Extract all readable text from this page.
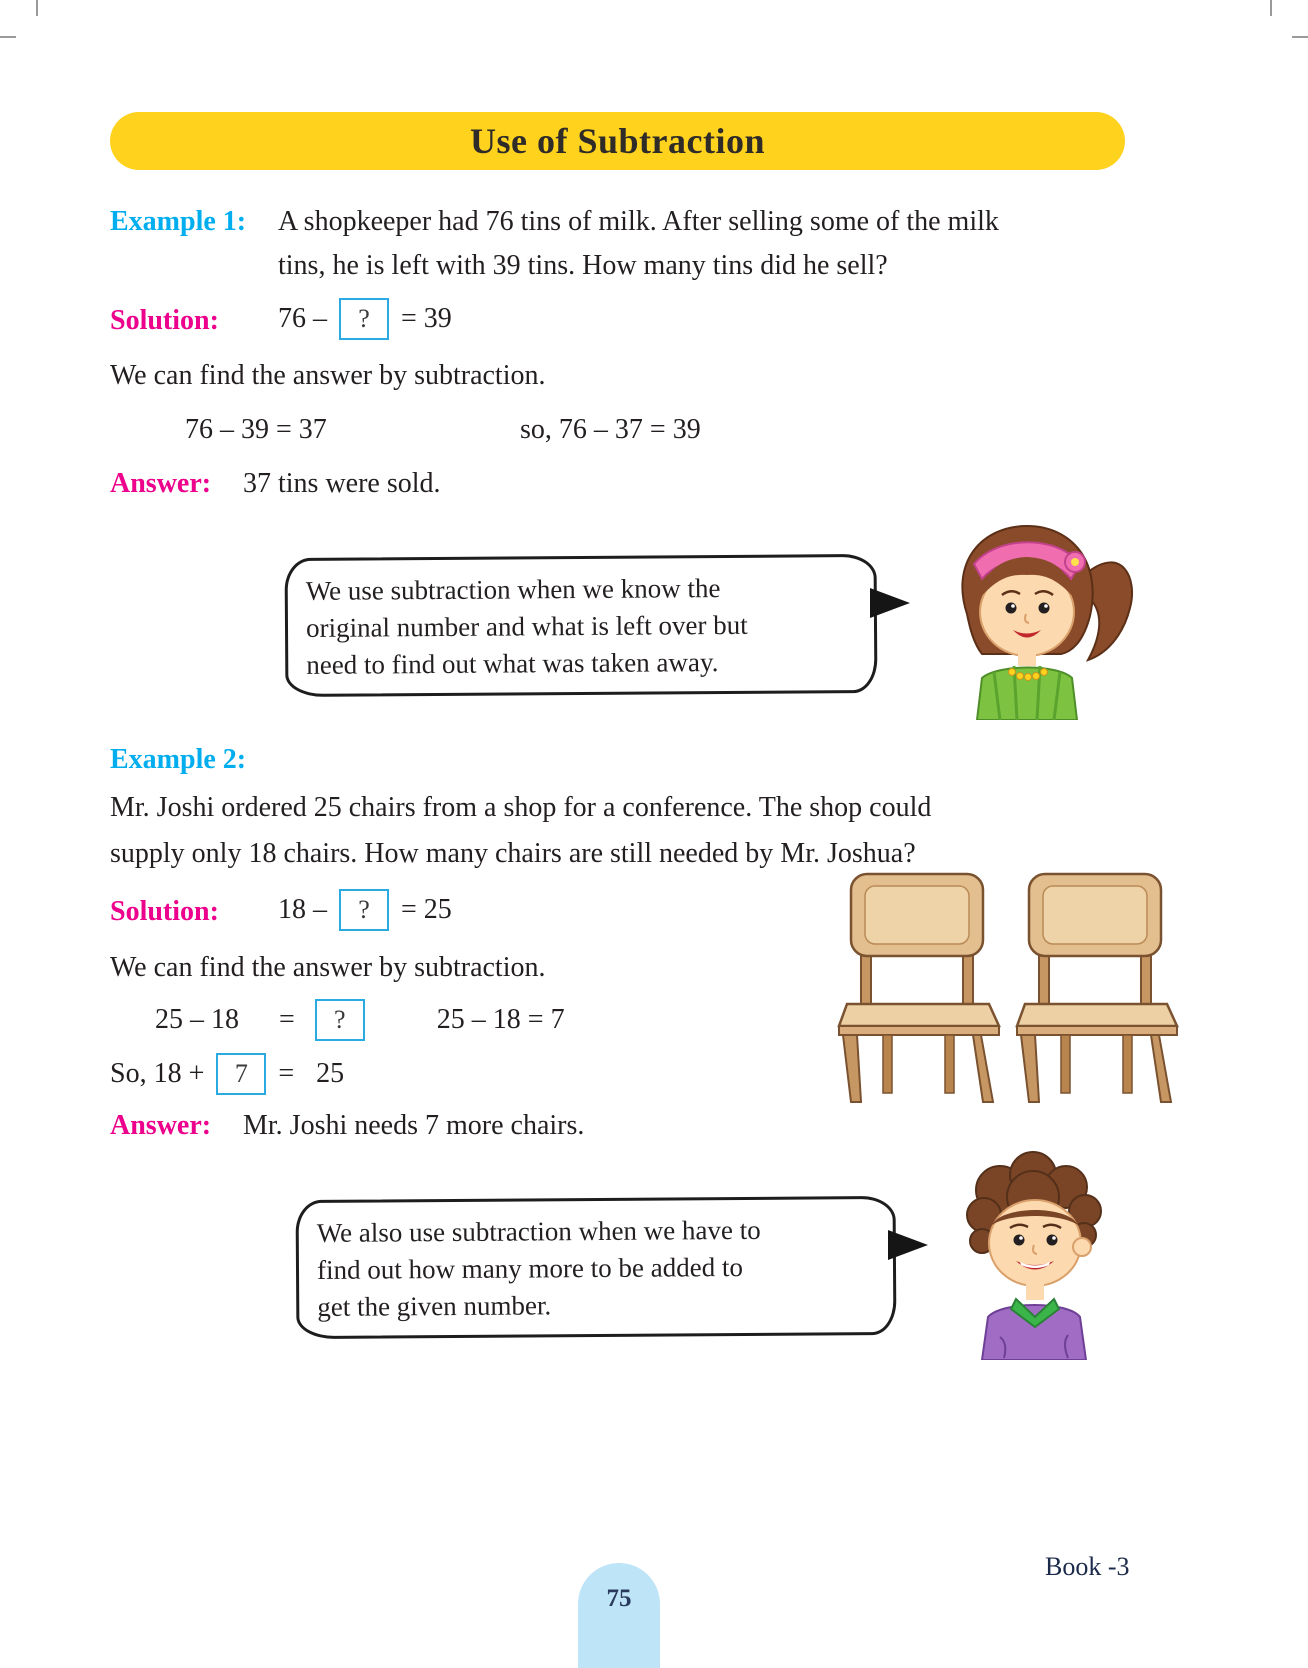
Use of Subtraction
Example 1: A shopkeeper had 76 tins of milk. After selling some of the milk
tins, he is left with 39 tins. How many tins did he sell?
Solution: 76 –	?	= 39
We can find the answer by subtraction.
76 – 39 = 37	so, 76 – 37 = 39
Answer: 37 tins were sold.
We use subtraction when we know the
original number and what is left over but
need to find out what was taken away.
Example 2:
Mr. Joshi ordered 25 chairs from a shop for a conference. The shop could
supply only 18 chairs. How many chairs are still needed by Mr. Joshua?
Solution: 18 –	?	= 25
We can find the answer by subtraction.
25 – 18 =	?	25 – 18 = 7
So, 18 +	7	= 25
Answer: Mr. Joshi needs 7 more chairs.
We also use subtraction when we have to
find out how many more to be added to
get the given number.
75
Book -3
